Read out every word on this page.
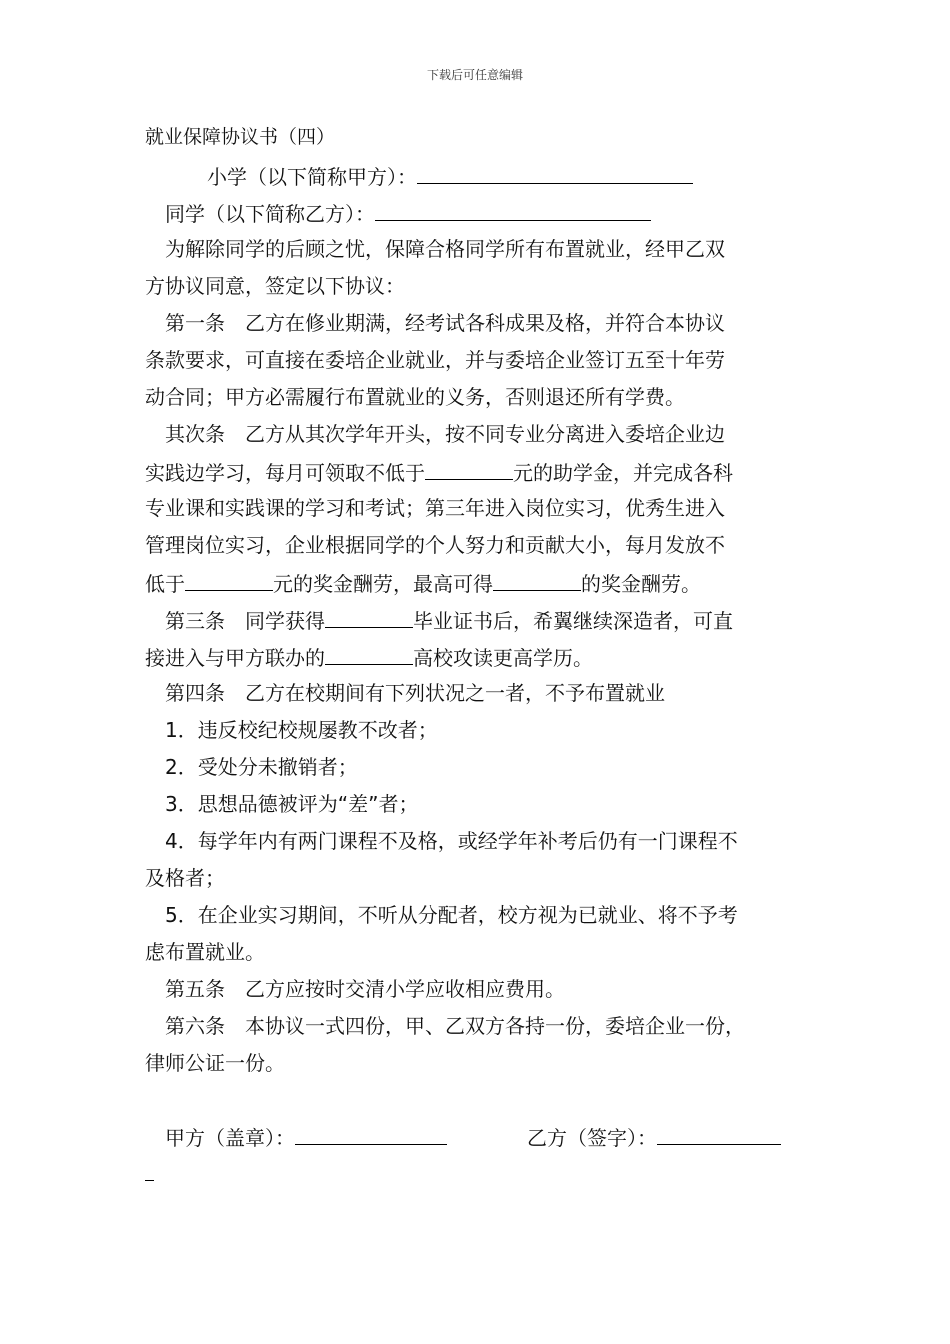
下载后可任意编辑
就业保障协议书（四）
小学（以下简称甲方）：
同学（以下简称乙方）：
为解除同学的后顾之忧，保障合格同学所有布置就业，经甲乙双
方协议同意，签定以下协议：
第一条　乙方在修业期满，经考试各科成果及格，并符合本协议
条款要求，可直接在委培企业就业，并与委培企业签订五至十年劳
动合同；甲方必需履行布置就业的义务，否则退还所有学费。
其次条　乙方从其次学年开头，按不同专业分离进入委培企业边
实践边学习，每月可领取不低于	元的助学金，并完成各科
专业课和实践课的学习和考试；第三年进入岗位实习，优秀生进入
管理岗位实习，企业根据同学的个人努力和贡献大小，每月发放不
低于	元的奖金酬劳，最高可得	的奖金酬劳。
第三条　同学获得	毕业证书后，希翼继续深造者，可直
接进入与甲方联办的	高校攻读更高学历。
第四条　乙方在校期间有下列状况之一者，不予布置就业
1．违反校纪校规屡教不改者；
2．受处分未撤销者；
3．思想品德被评为“差”者；
4．每学年内有两门课程不及格，或经学年补考后仍有一门课程不
及格者；
5．在企业实习期间，不听从分配者，校方视为已就业、将不予考
虑布置就业。
第五条　乙方应按时交清小学应收相应费用。
第六条　本协议一式四份，甲、乙双方各持一份，委培企业一份，
律师公证一份。
甲方（盖章）：	乙方（签字）：
